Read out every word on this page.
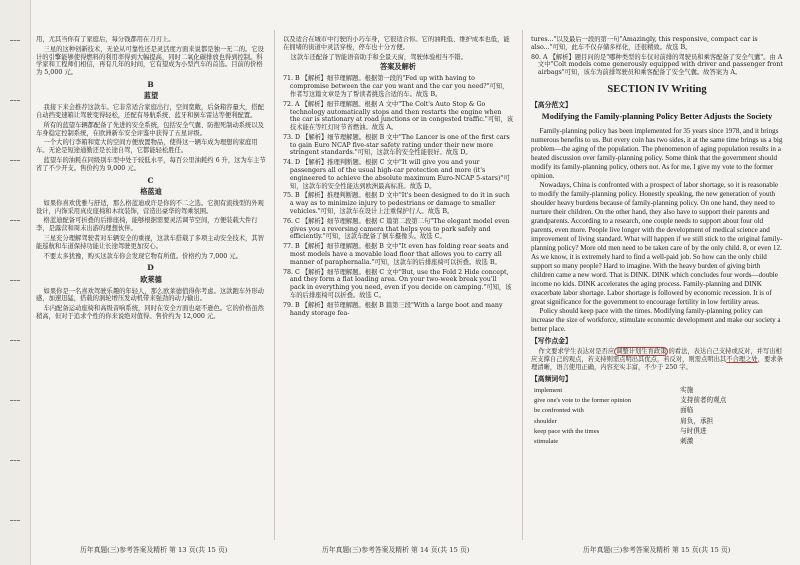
用，尤其当你有了家庭后，每分钱都用在刀刃上。

三星的这种创新技术，无论从可靠性还是灵活度方面来说都是独一无二的。它设计的引擎能够使得燃料的利用率得到大幅提高，同时二氧化碳排放也得到控制。科学家和工程师们相信，再有几年的时间，它有望成为小型汽车的首选。目前的价格为 5,000 元。

B
蓝望

我接下来会推荐这款车。它非常适合家庭出行，空间宽敞，后备箱容量大，搭配自动挡变速箱让驾驶变得轻松，还配有导航系统、蓝牙和倒车雷达等便利配置。

所有的蓝望车辆都配备了先进的安全系统，包括安全气囊、防抱死制动系统以及车身稳定控制系统，在欧洲新车安全评鉴中获得了五星评级。

一个大的行李箱和宽大的空间方便放置物品，使得这一辆车成为理想的家庭用车。无论是短途通勤还是长途自驾，它都能轻松胜任。

蓝望车的油耗在同级别车型中处于较低水平，每百公里油耗约 6 升，这为车主节省了不少开支。售价约为 9,000 元。

C
格蓝迪

如果你喜欢优雅与舒适，那么格蓝迪或许是你的不二之选。它拥有流线型的外观设计，内饰采用真皮座椅和木纹装饰，营造出豪华的驾乘氛围。

格蓝迪配备可折叠的后排座椅，能够根据需要灵活调节空间，方便装载大件行李，是露营和周末出游的理想伙伴。

三星充分理解驾驶者对车辆安全的重视，这款车搭载了多项主动安全技术，其智能巡航和车道保持功能让长途驾驶更加安心。

不要太多犹豫，购买这款车你会发现它物有所值。价格约为 7,000 元。

D
欧莱德

如果你是一名喜欢驾驶乐趣的年轻人，那么欧莱德值得你考虑。这款跑车外形动感，加速迅猛，搭载的涡轮增压发动机带来强劲的动力输出。

车内配备运动座椅和高级音响系统，同时在安全方面也毫不逊色。它的价格虽然稍高，但对于追求个性的你来说绝对值得。售价约为 12,000 元。

以及适合在城市中行驶的小巧车身，它很适合你。它的油耗低、维护成本也低，能在拥堵的街道中灵活穿梭，停车也十分方便。

这款车还配备了智能语音助手和全景天窗，驾驶体验相当不错。

答案及解析
71. B 【解析】细节理解题。根据第一段的"Fed up with having to compromise between the car you want and the car you need?"可知，作者写这篇文章是为了帮读者挑选合适的车。故选 B。
72. A 【解析】细节理解题。根据 A 文中"The Colt's Auto Stop & Go technology automatically stops and then restarts the engine when the car is stationary at road junctions or in congested traffic."可知，该技术能在等红灯时节省燃油。故选 A。
73. D 【解析】细节理解题。根据 B 文中"The Lancer is one of the first cars to gain Euro NCAP five-star safety rating under their new more stringent standards."可知，这款车的安全性能很好。故选 D。
74. D 【解析】推理判断题。根据 C 文中"It will give you and your passengers all of the usual high-car protection and more (it's engineered to achieve the absolute maximum Euro-NCAP 5-stars)"可知，这款车的安全性能达到欧洲最高标准。故选 D。
75. B 【解析】推理判断题。根据 D 文中"It's been designed to do it in such a way as to minimize injury to pedestrians or damage to smaller vehicles."可知，这款车在设计上注重保护行人。故选 B。
76. C 【解析】细节理解题。根据 C 篇第二段第二句"The elegant model even gives you a reversing camera that helps you to park safely and efficiently."可知，这款车配备了倒车摄像头。故选 C。
77. B 【解析】细节理解题。根据 B 文中"It even has folding rear seats and most models have a movable load floor that allows you to carry all manner of paraphernalia."可知，这款车的后排座椅可以折叠。故选 B。
78. C 【解析】细节理解题。根据 C 文中"But, use the Fold 2 Hide concept, and they form a flat loading area. On your two-week break you'll pack in everything you need, even if you decide on camping."可知，该车的后排座椅可以折叠。故选 C。
79. B 【解析】细节理解题。根据 B 篇第三段"With a large boot and many handy storage fea-

tures..."以及最后一段的第一句"Amazingly, this responsive, compact car is also..."可知，此车不仅存储多样化，还很精致。故选 B。

80. A 【解析】题目问的是"哪种类型的车仅对前排的驾驶员和乘客配备了安全气囊"。由 A 文中"Colt models come generously equipped with driver and passenger front airbags"可知，该车为前排驾驶员和乘客配备了安全气囊。故答案为 A。
SECTION IV Writing
【高分范文】
Modifying the Family-planning Policy Better Adjusts the Society

Family-planning policy has been implemented for 35 years since 1978, and it brings numerous benefits to us. But every coin has two sides, it at the same time brings us a big problem—the aging of the population. The phenomenon of aging population results in a heated discussion over family-planning policy. Some think that the government should modify its family-planning policy, others not. As for me, I give my vote to the former opinion.

Nowadays, China is confronted with a prospect of labor shortage, so it is reasonable to modify the family-planning policy. Honestly speaking, the new generation of youth shoulder heavy burdens because of family-planning policy. On one hand, they need to nurture their children. On the other hand, they also have to support their parents and grandparents. According to a research, one couple needs to support about four old parents, even more. People live longer with the development of medical science and improvement of living standard. What will happen if we still stick to the original family-planning policy? More old men need to be taken care of by the only child. 8, or even 12. As we know, it is extremely hard to find a well-paid job. So how can the only child support so many people? Hard to imagine. With the heavy burden of giving birth children came a new word. That is DINK. DINK which concludes four words—double income no kids. DINK accelerates the aging process. Family-planning and DINK exacerbate labor shortage. Labor shortage is followed by economic recession. It is of great significance for the government to encourage fertility in low fertility areas.

Policy should keep pace with the times. Modifying family-planning policy can increase the size of workforce, stimulate economic development and make our society a better place.

【写作点金】

作文要求学生表达对是否应 调整计划生育政策 的看法，表达自己支持或反对，并写出相应支撑自己的观点，若支持则需点明出其优点，若反对，则需点明出其不合理之处，要求条理清晰，语言使用正确，内容充实丰富，不少于 250 字。

【高频词句】
implement	实施
give one's vote to the former opinion	支持前者的观点
be confronted with	面临
shoulder	肩负，承担
keep pace with the times	与时俱进
stimulate	刺激
历年真题(三)参考答案及精析 第 13 页(共 15 页)	历年真题(三)参考答案及精析 第 14 页(共 15 页)	历年真题(三)参考答案及精析 第 15 页(共 15 页)
